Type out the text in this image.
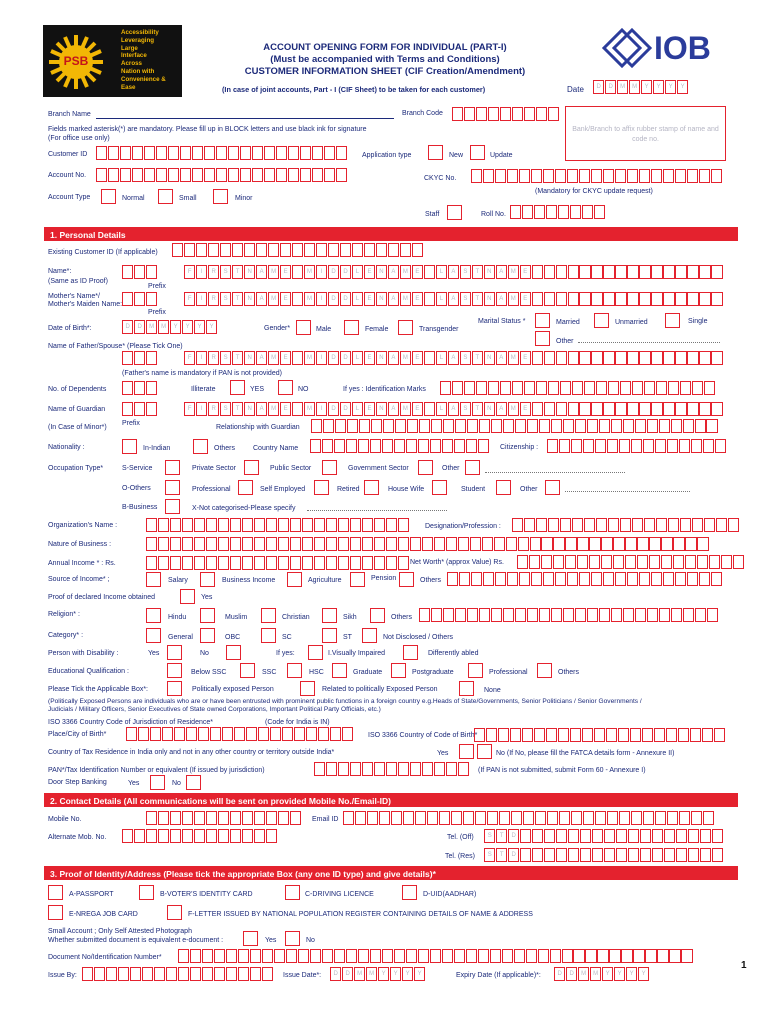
PSB
Accessibility
Leveraging
Large
Interface
Across
Nation with
Convenience &
Ease
ACCOUNT OPENING FORM FOR INDIVIDUAL (PART-I)
(Must be accompanied with Terms and Conditions)
CUSTOMER INFORMATION SHEET (CIF Creation/Amendment)
(In case of joint accounts, Part - I (CIF Sheet) to be taken for each customer)
IOB
Date	D	D	M	M	Y	Y	Y	Y
Branch Name	Branch Code
Fields marked asterisk(*) are mandatory. Please fill up in BLOCK letters and use black ink for signature
(For office use only)
Bank/Branch to affix rubber stamp of name and code no.
Customer ID	Application type	New	Update
Account No.	CKYC No.
(Mandatory for CKYC update request)
Account Type	Normal	Small	Minor
Staff	Roll No.
1. Personal Details
Existing Customer ID (If applicable)
Name*:
(Same as ID Proof)
Prefix
F	I	R	S	T	N	A	M	E	M	I	D	D	L	E	N	A	M	E	L	A	S	T	N	A	M	E
Mother's Name*/
Mother's Maiden Name:
Prefix
F	I	R	S	T	N	A	M	E	M	I	D	D	L	E	N	A	M	E	L	A	S	T	N	A	M	E
Date of Birth*:	D	D	M	M	Y	Y	Y	Y	Gender*	Male	Female	Transgender
Marital Status *	Married	Unmarried	Single
Other
Name of Father/Spouse* (Please Tick One)
F	I	R	S	T	N	A	M	E	M	I	D	D	L	E	N	A	M	E	L	A	S	T	N	A	M	E
(Father's name is mandatory if PAN is not provided)
No. of Dependents	Illiterate	YES	NO	If yes : Identification Marks
Name of Guardian
(In Case of Minor*)
Prefix
F	I	R	S	T	N	A	M	E	M	I	D	D	L	E	N	A	M	E	L	A	S	T	N	A	M	E
Relationship with Guardian
Nationality :	In-Indian	Others	Country Name	Citizenship :
Occupation Type*	S-Service	Private Sector	Public Sector	Government Sector	Other
O-Others	Professional	Self Employed	Retired	House Wife	Student	Other
B-Business	X-Not categorised-Please specify
Organization's Name :	Designation/Profession :
Nature of Business :
Annual Income * : Rs.	Net Worth* (approx Value) Rs.
Source of Income* ;	Salary	Business Income	Agriculture	Pension	Others
Proof of declared Income obtained	Yes
Religion* :	Hindu	Muslim	Christian	Sikh	Others
Category* :	General	OBC	SC	ST	Not Disclosed / Others
Person with Disability :	Yes	No	If yes:	I.Visually Impaired	Differently abled
Educational Qualification :	Below SSC	SSC	HSC	Graduate	Postgraduate	Professional	Others
Please Tick the Applicable Box*:	Politically exposed Person	Related to politically Exposed Person	None
(Politically Exposed Persons are individuals who are or have been entrusted with prominent public functions in a foreign country e.g.Heads of State/Governments, Senior Politicians / Senior Governments /
Judicials / Military Officers, Senior Executives of State owned Corporations, Important Political Party Officials, etc.)
ISO 3366 Country Code of Jurisdiction of Residence*	(Code for India is IN)
Place/City of Birth*	ISO 3366 Country of Code of Birth*
Country of Tax Residence in India only and not in any other country or territory outside India*	Yes	No (If No, please fill the FATCA details form - Annexure II)
PAN*/Tax Identification Number or equivalent (If issued by jurisdiction)	(If PAN is not submitted, submit Form 60 - Annexure I)
Door Step Banking	Yes	No
2. Contact Details (All communications will be sent on provided Mobile No./Email-ID)
Mobile No.	Email ID
Alternate Mob. No.	Tel. (Off)	S	T	D
Tel. (Res)	S	T	D
3. Proof of Identity/Address (Please tick the appropriate Box (any one ID type) and give details)*
A-PASSPORT	B-VOTER'S IDENTITY CARD	C-DRIVING LICENCE	D-UID(AADHAR)
E-NREGA JOB CARD	F-LETTER ISSUED BY NATIONAL POPULATION REGISTER CONTAINING DETAILS OF NAME & ADDRESS
Small Account ; Only Self Attested Photograph
Whether submitted document is equivalent e-document :	Yes	No
Document No/Identification Number*
Issue By:	Issue Date*:	D	D	M	M	Y	Y	Y	Y	Expiry Date (If applicable)*:	D	D	M	M	Y	Y	Y	Y
1
